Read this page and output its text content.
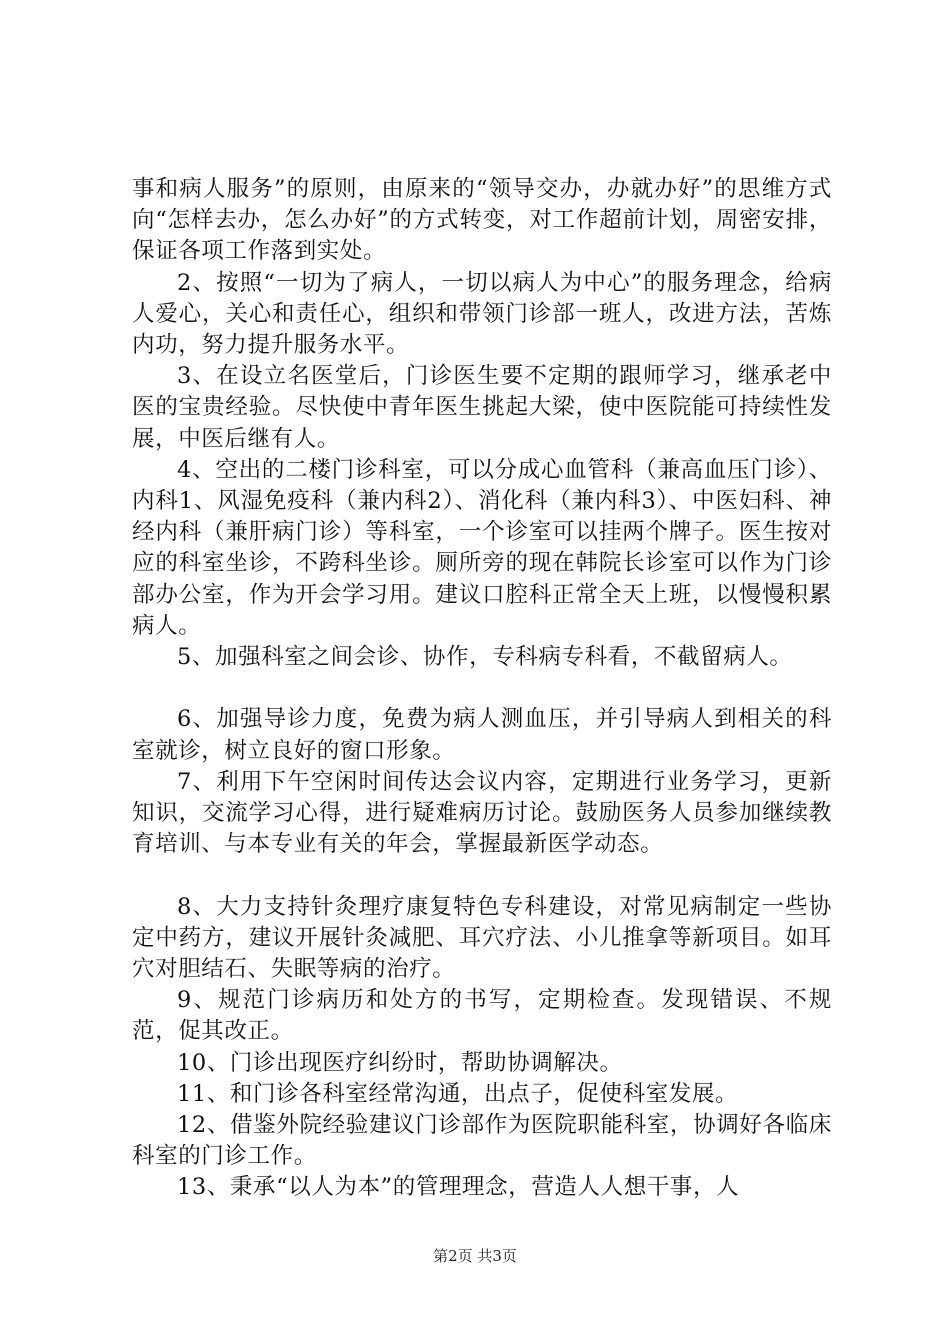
事和病人服务”的原则，由原来的“领导交办，办就办好”的思维方式向“怎样去办，怎么办好”的方式转变，对工作超前计划，周密安排，保证各项工作落到实处。

2、按照“一切为了病人，一切以病人为中心”的服务理念，给病人爱心，关心和责任心，组织和带领门诊部一班人，改进方法，苦炼内功，努力提升服务水平。

3、在设立名医堂后，门诊医生要不定期的跟师学习，继承老中医的宝贵经验。尽快使中青年医生挑起大梁，使中医院能可持续性发展，中医后继有人。

4、空出的二楼门诊科室，可以分成心血管科（兼高血压门诊）、内科1、风湿免疫科（兼内科2）、消化科（兼内科3）、中医妇科、神经内科（兼肝病门诊）等科室，一个诊室可以挂两个牌子。医生按对应的科室坐诊，不跨科坐诊。厕所旁的现在韩院长诊室可以作为门诊部办公室，作为开会学习用。建议口腔科正常全天上班，以慢慢积累病人。

5、加强科室之间会诊、协作，专科病专科看，不截留病人。

6、加强导诊力度，免费为病人测血压，并引导病人到相关的科室就诊，树立良好的窗口形象。

7、利用下午空闲时间传达会议内容，定期进行业务学习，更新知识，交流学习心得，进行疑难病历讨论。鼓励医务人员参加继续教育培训、与本专业有关的年会，掌握最新医学动态。

8、大力支持针灸理疗康复特色专科建设，对常见病制定一些协定中药方，建议开展针灸减肥、耳穴疗法、小儿推拿等新项目。如耳穴对胆结石、失眠等病的治疗。

9、规范门诊病历和处方的书写，定期检查。发现错误、不规范，促其改正。

10、门诊出现医疗纠纷时，帮助协调解决。

11、和门诊各科室经常沟通，出点子，促使科室发展。

12、借鉴外院经验建议门诊部作为医院职能科室，协调好各临床科室的门诊工作。

13、秉承“以人为本”的管理理念，营造人人想干事，人

第2页 共3页
